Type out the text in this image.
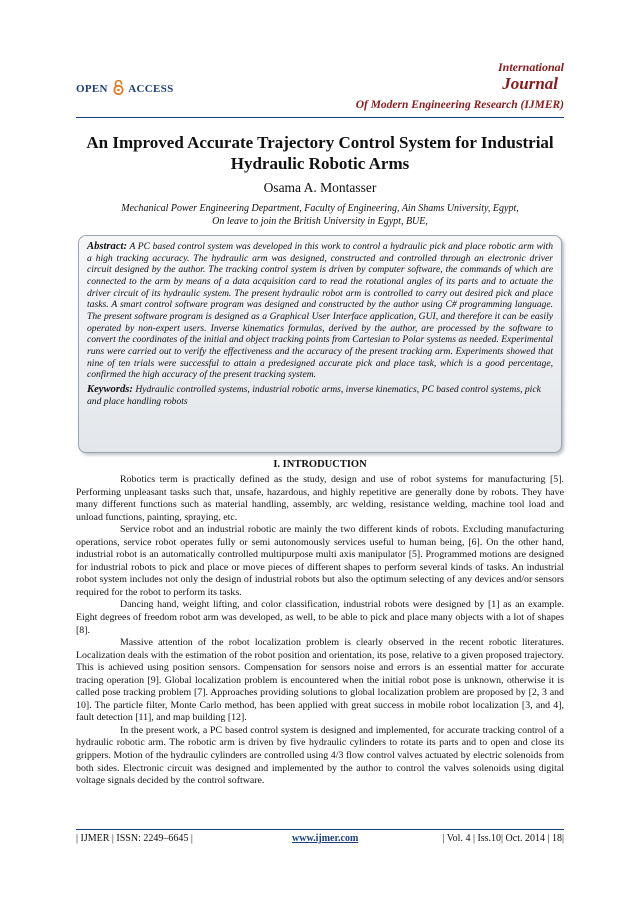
OPEN ACCESS
International
Journal
Of Modern Engineering Research (IJMER)
An Improved Accurate Trajectory Control System for Industrial Hydraulic Robotic Arms
Osama A. Montasser
Mechanical Power Engineering Department, Faculty of Engineering, Ain Shams University, Egypt,
On leave to join the British University in Egypt, BUE,

Abstract: A PC based control system was developed in this work to control a hydraulic pick and place robotic arm with a high tracking accuracy. The hydraulic arm was designed, constructed and controlled through an electronic driver circuit designed by the author. The tracking control system is driven by computer software, the commands of which are connected to the arm by means of a data acquisition card to read the rotational angles of its parts and to actuate the driver circuit of its hydraulic system. The present hydraulic robot arm is controlled to carry out desired pick and place tasks. A smart control software program was designed and constructed by the author using C# programming language. The present software program is designed as a Graphical User Interface application, GUI, and therefore it can be easily operated by non-expert users. Inverse kinematics formulas, derived by the author, are processed by the software to convert the coordinates of the initial and object tracking points from Cartesian to Polar systems as needed. Experimental runs were carried out to verify the effectiveness and the accuracy of the present tracking arm. Experiments showed that nine of ten trials were successful to attain a predesigned accurate pick and place task, which is a good percentage, confirmed the high accuracy of the present tracking system.

Keywords: Hydraulic controlled systems, industrial robotic arms, inverse kinematics, PC based control systems, pick and place handling robots

I. INTRODUCTION

Robotics term is practically defined as the study, design and use of robot systems for manufacturing [5]. Performing unpleasant tasks such that, unsafe, hazardous, and highly repetitive are generally done by robots. They have many different functions such as material handling, assembly, arc welding, resistance welding, machine tool load and unload functions, painting, spraying, etc.

Service robot and an industrial robotic are mainly the two different kinds of robots. Excluding manufacturing operations, service robot operates fully or semi autonomously services useful to human being, [6]. On the other hand, industrial robot is an automatically controlled multipurpose multi axis manipulator [5]. Programmed motions are designed for industrial robots to pick and place or move pieces of different shapes to perform several kinds of tasks. An industrial robot system includes not only the design of industrial robots but also the optimum selecting of any devices and/or sensors required for the robot to perform its tasks.

Dancing hand, weight lifting, and color classification, industrial robots were designed by [1] as an example. Eight degrees of freedom robot arm was developed, as well, to be able to pick and place many objects with a lot of shapes [8].

Massive attention of the robot localization problem is clearly observed in the recent robotic literatures. Localization deals with the estimation of the robot position and orientation, its pose, relative to a given proposed trajectory. This is achieved using position sensors. Compensation for sensors noise and errors is an essential matter for accurate tracing operation [9]. Global localization problem is encountered when the initial robot pose is unknown, otherwise it is called pose tracking problem [7]. Approaches providing solutions to global localization problem are proposed by [2, 3 and 10]. The particle filter, Monte Carlo method, has been applied with great success in mobile robot localization [3, and 4], fault detection [11], and map building [12].

In the present work, a PC based control system is designed and implemented, for accurate tracking control of a hydraulic robotic arm. The robotic arm is driven by five hydraulic cylinders to rotate its parts and to open and close its grippers. Motion of the hydraulic cylinders are controlled using 4/3 flow control valves actuated by electric solenoids from both sides. Electronic circuit was designed and implemented by the author to control the valves solenoids using digital voltage signals decided by the control software.

| IJMER | ISSN: 2249–6645 |	www.ijmer.com	| Vol. 4 | Iss.10| Oct. 2014 | 18|
